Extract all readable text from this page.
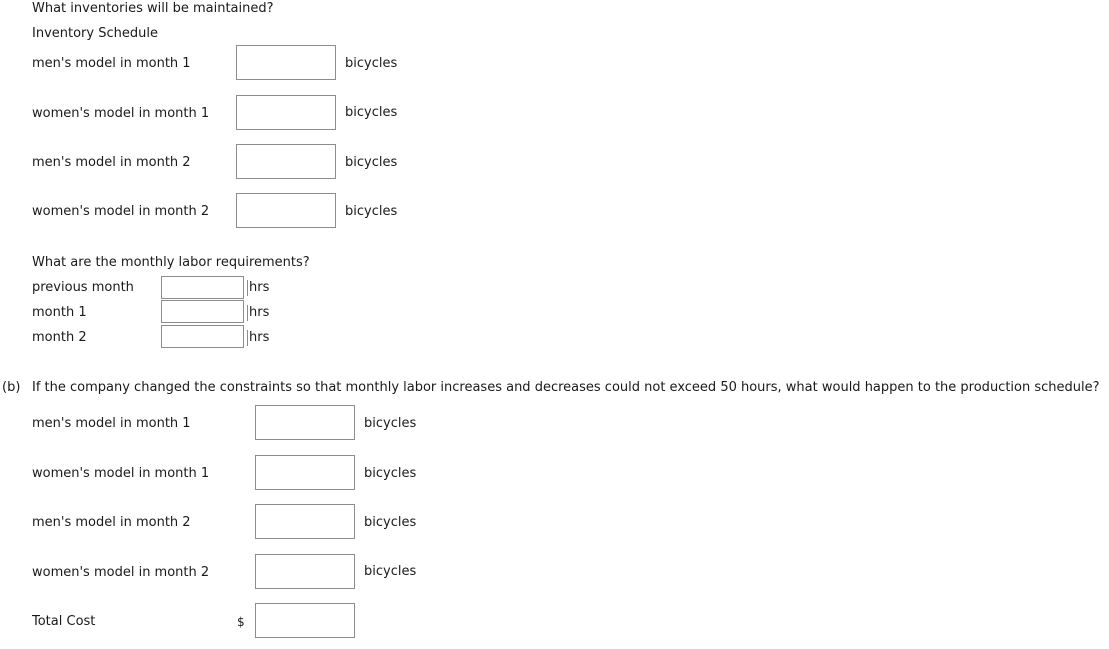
What inventories will be maintained?
Inventory Schedule
men's model in month 1	bicycles
women's model in month 1	bicycles
men's model in month 2	bicycles
women's model in month 2	bicycles
What are the monthly labor requirements?
previous month	hrs
month 1	hrs
month 2	hrs
(b) If the company changed the constraints so that monthly labor increases and decreases could not exceed 50 hours, what would happen to the production schedule?
men's model in month 1	bicycles
women's model in month 1	bicycles
men's model in month 2	bicycles
women's model in month 2	bicycles
Total Cost	$
